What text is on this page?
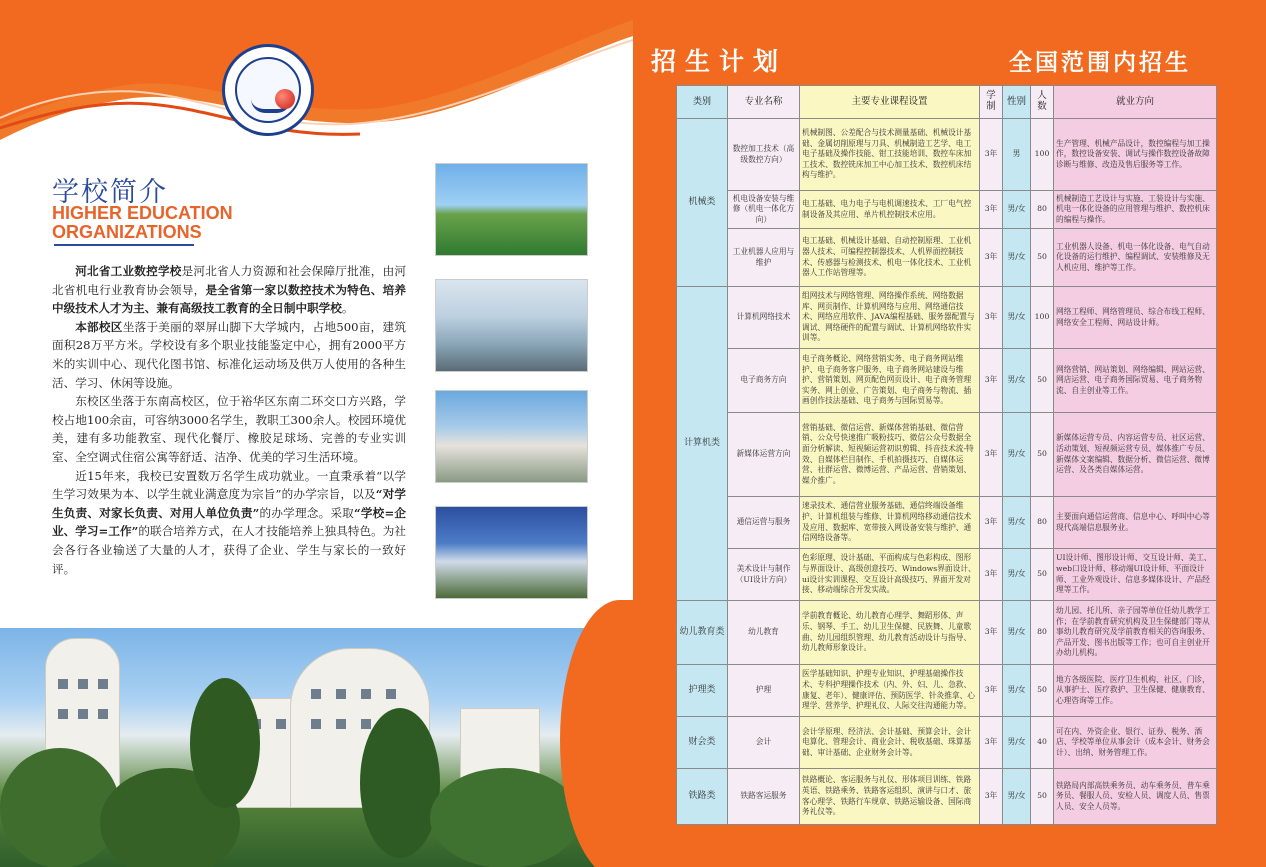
学校简介
HIGHER EDUCATION
ORGANIZATIONS

河北省工业数控学校是河北省人力资源和社会保障厅批准，由河北省机电行业教育协会领导，是全省第一家以数控技术为特色、培养中级技术人才为主、兼有高级技工教育的全日制中职学校。

本部校区坐落于美丽的翠屏山脚下大学城内，占地500亩，建筑面积28万平方米。学校设有多个职业技能鉴定中心，拥有2000平方米的实训中心、现代化图书馆、标准化运动场及供万人使用的各种生活、学习、休闲等设施。

东校区坐落于东南高校区，位于裕华区东南二环交口方兴路，学校占地100余亩，可容纳3000名学生，教职工300余人。校园环境优美，建有多功能教室、现代化餐厅、橡胶足球场、完善的专业实训室、全空调式住宿公寓等舒适、洁净、优美的学习生活环境。

近15年来，我校已安置数万名学生成功就业。一直秉承着“以学生学习效果为本、以学生就业满意度为宗旨”的办学宗旨，以及“对学生负责、对家长负责、对用人单位负责”的办学理念。采取“学校=企业、学习=工作”的联合培养方式，在人才技能培养上独具特色。为社会各行各业输送了大量的人才，获得了企业、学生与家长的一致好评。

招生计划	全国范围内招生
类别	专业名称	主要专业课程设置	学制	性别	人数	就业方向
机械类	数控加工技术（高级数控方向）	机械制图、公差配合与技术测量基础、机械设计基础、金属切削原理与刀具、机械制造工艺学、电工电子基础及操作技能、钳工技能培训、数控车床加工技术、数控铣床加工中心加工技术、数控机床结构与维护。	3年	男	100	生产管理、机械产品设计，数控编程与加工操作，数控设备安装、调试与操作数控设备故障诊断与维修、改造及售后服务等工作。
	机电设备安装与维修（机电一体化方向）	电工基础、电力电子与电机调速技术、工厂电气控制设备及其应用、单片机控制技术应用。	3年	男/女	80	机械制造工艺设计与实施、工装设计与实施、机电一体化设备的应用管理与维护、数控机床的编程与操作。
	工业机器人应用与维护	电工基础、机械设计基础、自动控制原理、工业机器人技术、可编程控制器技术、人机界面控制技术、传感器与检测技术、机电一体化技术、工业机器人工作站管理等。	3年	男/女	50	工业机器人设备、机电一体化设备、电气自动化设备的运行维护、编程调试、安装维修及无人机应用、维护等工作。
计算机类	计算机网络技术	组网技术与网络管理、网络操作系统、网络数据库、网页制作、计算机网络与应用、网络通信技术、网络应用软件、JAVA编程基础、服务器配置与调试、网络硬件的配置与调试、计算机网络软件实训等。	3年	男/女	100	网络工程师、网络管理员、综合布线工程师、网络安全工程师、网站设计师。
	电子商务方向	电子商务概论、网络营销实务、电子商务网站维护、电子商务客户服务、电子商务网站建设与维护、营销策划、网页配色网页设计、电子商务管理实务、网上创业、广告策划、电子商务与物流、插画创作技法基础、电子商务与国际贸易等。	3年	男/女	50	网络营销、网站策划、网络编辑、网站运营、网店运营、电子商务国际贸易、电子商务物流、自主创业等工作。
	新媒体运营方向	营销基础、微信运营、新媒体营销基础、微信营销、公众号快速推广吸粉技巧、微信公众号数据全面分析解读、短视频运营初识剪辑、抖音技术流-特效、自媒体栏目制作、手机拍摄技巧、自媒体运营、社群运营、微博运营、产品运营、营销策划、媒介推广。	3年	男/女	50	新媒体运营专员、内容运营专员、社区运营、活动策划、短视频运营专员、媒体推广专员、新媒体文案编辑、数据分析、微信运营、微博运营、及各类自媒体运营。
	通信运营与服务	速录技术、通信营业服务基础、通信终端设备维护、计算机组装与维修、计算机网络移动通信技术及应用、数据库、宽带接入网设备安装与维护、通信网络设备等。	3年	男/女	80	主要面向通信运营商、信息中心、呼叫中心等现代高端信息服务业。
	美术设计与制作（UI设计方向）	色彩原理、设计基础、平面构成与色彩构成、图形与界面设计、高级创意技巧、Windows界面设计、ui设计实训课程、交互设计高级技巧、界面开发对接、移动端综合开发实战。	3年	男/女	50	UI设计师、图形设计师、交互设计师、美工、web口设计师、移动端UI设计师、平面设计师、工业外观设计、信息多媒体设计、产品经理等工作。
幼儿教育类	幼儿教育	学前教育概论、幼儿教育心理学、舞蹈形体、声乐、钢琴、手工、幼儿卫生保健、民族舞、儿童歌曲、幼儿园组织管理、幼儿教育活动设计与指导、幼儿教师形象设计。	3年	男/女	80	幼儿园、托儿所、亲子园等单位任幼儿教学工作；在学前教育研究机构及卫生保健部门等从事幼儿教育研究及学前教育相关的咨询服务、产品开发、图书出版等工作；也可自主创业开办幼儿机构。
护理类	护理	医学基础知识、护理专业知识、护理基础操作技术、专科护理操作技术（内、外、妇、儿、急救、康复、老年）、健康评估、预防医学、针灸推拿、心理学、营养学、护理礼仪、人际交往沟通能力等。	3年	男/女	50	地方各级医院、医疗卫生机构、社区、门诊，从事护士、医疗救护、卫生保健、健康教育、心理咨询等工作。
财会类	会计	会计学原理、经济法、会计基础、预算会计、会计电算化、管理会计、商业会计、税收基础、珠算基础、审计基础、企业财务会计等。	3年	男/女	40	可在内、外资企业、银行、证券、税务、酒店、学校等单位从事会计（成本会计、财务会计）、出纳、财务管理工作。
铁路类	铁路客运服务	铁路概论、客运服务与礼仪、形体项目训练、铁路英语、铁路乘务、铁路客运组织、演讲与口才、旅客心理学、铁路行车规章、铁路运输设备、国际商务礼仪等。	3年	男/女	50	铁路局内部高铁乘务员、动车乘务员、普车乘务员、餐服人员、安检人员、调度人员、售票人员、安全人员等。
